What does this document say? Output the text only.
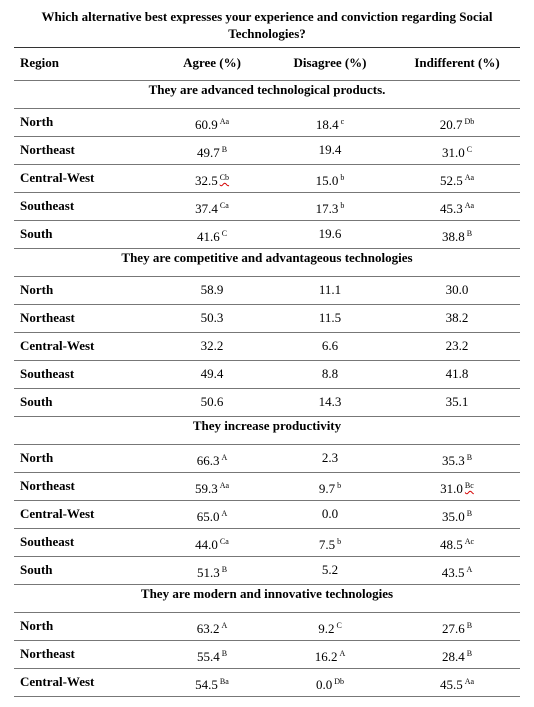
Which alternative best expresses your experience and conviction regarding Social Technologies?
Region	Agree (%)	Disagree (%)	Indifferent (%)
They are advanced technological products.
North	60.9 $^{Aa}$	18.4 $^c$	20.7 $^{Db}$
Northeast	49.7 $^B$	19.4	31.0 $^C$
Central-West	32.5 $^{Cb}$	15.0 $^b$	52.5 $^{Aa}$
Southeast	37.4 $^{Ca}$	17.3 $^b$	45.3 $^{Aa}$
South	41.6 $^C$	19.6	38.8 $^B$
They are competitive and advantageous technologies
North	58.9	11.1	30.0
Northeast	50.3	11.5	38.2
Central-West	32.2	6.6	23.2
Southeast	49.4	8.8	41.8
South	50.6	14.3	35.1
They increase productivity
North	66.3 $^A$	2.3	35.3 $^B$
Northeast	59.3 $^{Aa}$	9.7 $^b$	31.0 $^{Bc}$
Central-West	65.0 $^A$	0.0	35.0 $^B$
Southeast	44.0 $^{Ca}$	7.5 $^b$	48.5 $^{Ac}$
South	51.3 $^B$	5.2	43.5 $^A$
They are modern and innovative technologies
North	63.2 $^A$	9.2 $^C$	27.6 $^B$
Northeast	55.4 $^B$	16.2 $^A$	28.4 $^B$
Central-West	54.5 $^{Ba}$	0.0 $^{Db}$	45.5 $^{Aa}$
